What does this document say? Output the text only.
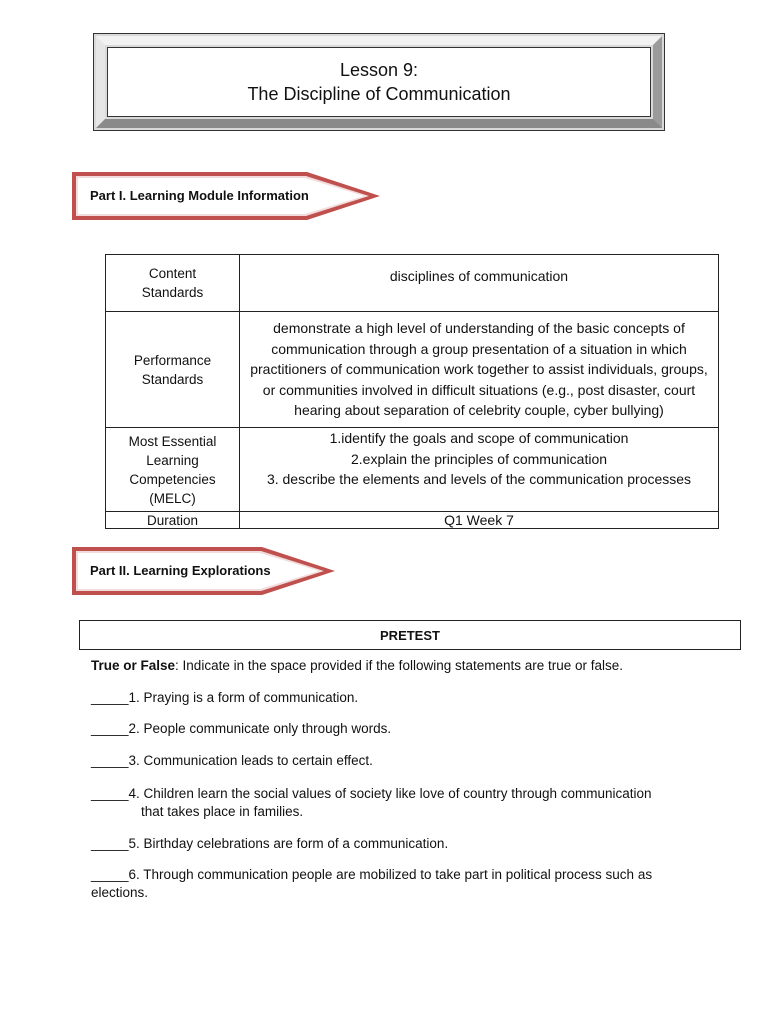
Lesson 9:
The Discipline of Communication
Part I. Learning Module Information
Content Standards	disciplines of communication
Performance Standards	demonstrate a high level of understanding of the basic concepts of communication through a group presentation of a situation in which practitioners of communication work together to assist individuals, groups, or communities involved in difficult situations (e.g., post disaster, court hearing about separation of celebrity couple, cyber bullying)
Most Essential Learning Competencies (MELC)	1.identify the goals and scope of communication
2.explain the principles of communication
3. describe the elements and levels of the communication processes

Duration	Q1 Week 7
Part II. Learning Explorations
PRETEST
True or False: Indicate in the space provided if the following statements are true or false.
_____1. Praying is a form of communication.
_____2. People communicate only through words.
_____3. Communication leads to certain effect.
_____4. Children learn the social values of society like love of country through communication
that takes place in families.
_____5. Birthday celebrations are form of a communication.
_____6. Through communication people are mobilized to take part in political process such as
elections.
